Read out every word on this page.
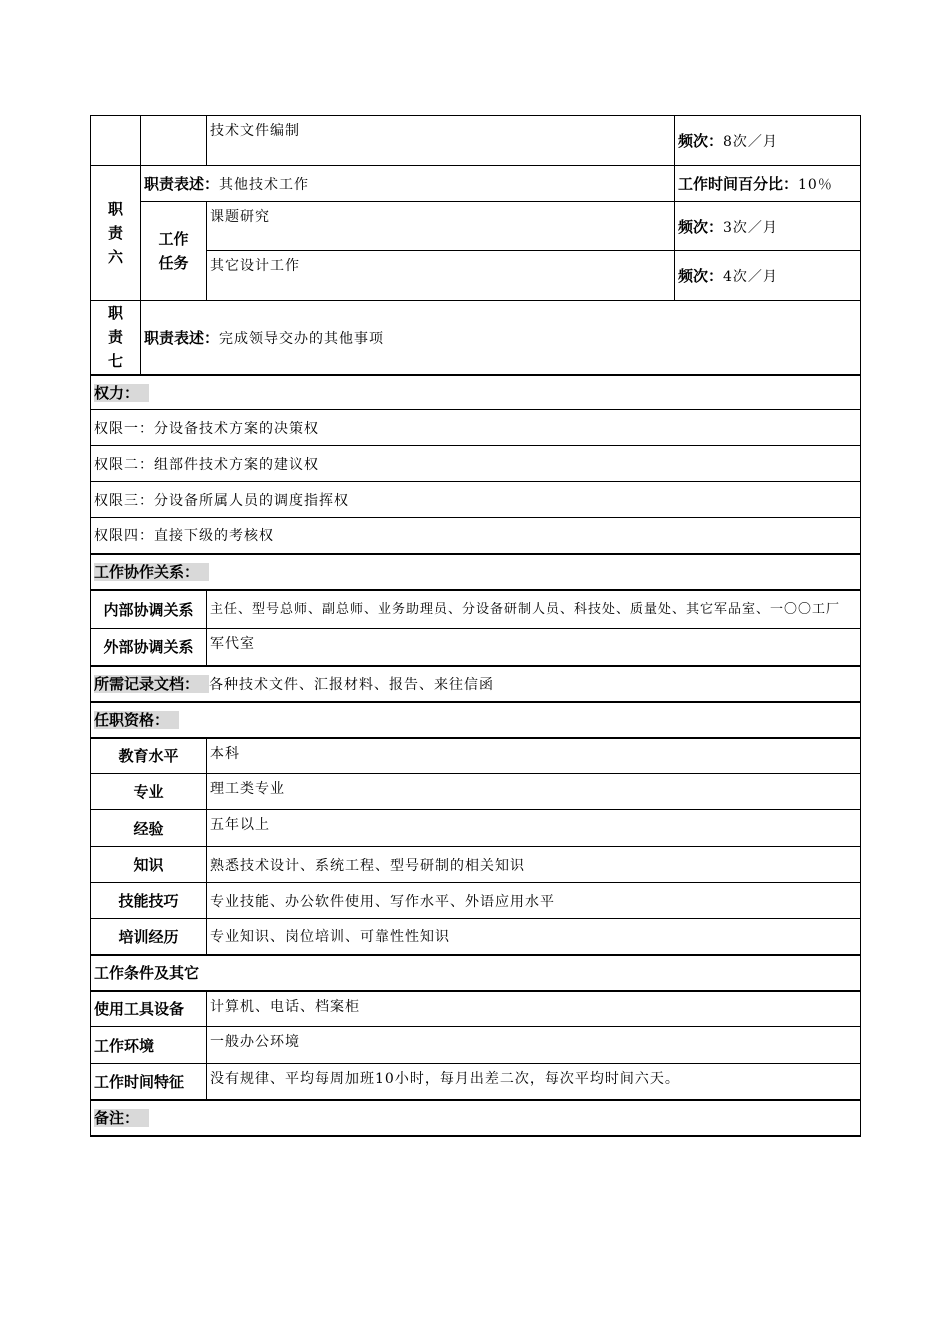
		技术文件编制	频次：8次／月
职
责
六	职责表述：其他技术工作		工作时间百分比：10％
	工作
任务	课题研究	频次：3次／月
		其它设计工作	频次：4次／月
职
责
七	职责表述：完成领导交办的其他事项		
权力：			
权限一：分设备技术方案的决策权			
权限二：组部件技术方案的建议权			
权限三：分设备所属人员的调度指挥权			
权限四：直接下级的考核权			
工作协作关系：			
内部协调关系		主任、型号总师、副总师、业务助理员、分设备研制人员、科技处、质量处、其它军品室、一〇〇工厂	
外部协调关系		军代室	
所需记录文档： 各种技术文件、汇报材料、报告、来往信函			
任职资格：			
教育水平		本科	
专业		理工类专业	
经验		五年以上	
知识		熟悉技术设计、系统工程、型号研制的相关知识	
技能技巧		专业技能、办公软件使用、写作水平、外语应用水平	
培训经历		专业知识、岗位培训、可靠性性知识	
工作条件及其它			
使用工具设备		计算机、电话、档案柜	
工作环境		一般办公环境	
工作时间特征		没有规律、平均每周加班10小时，每月出差二次，每次平均时间六天。	
备注：			
